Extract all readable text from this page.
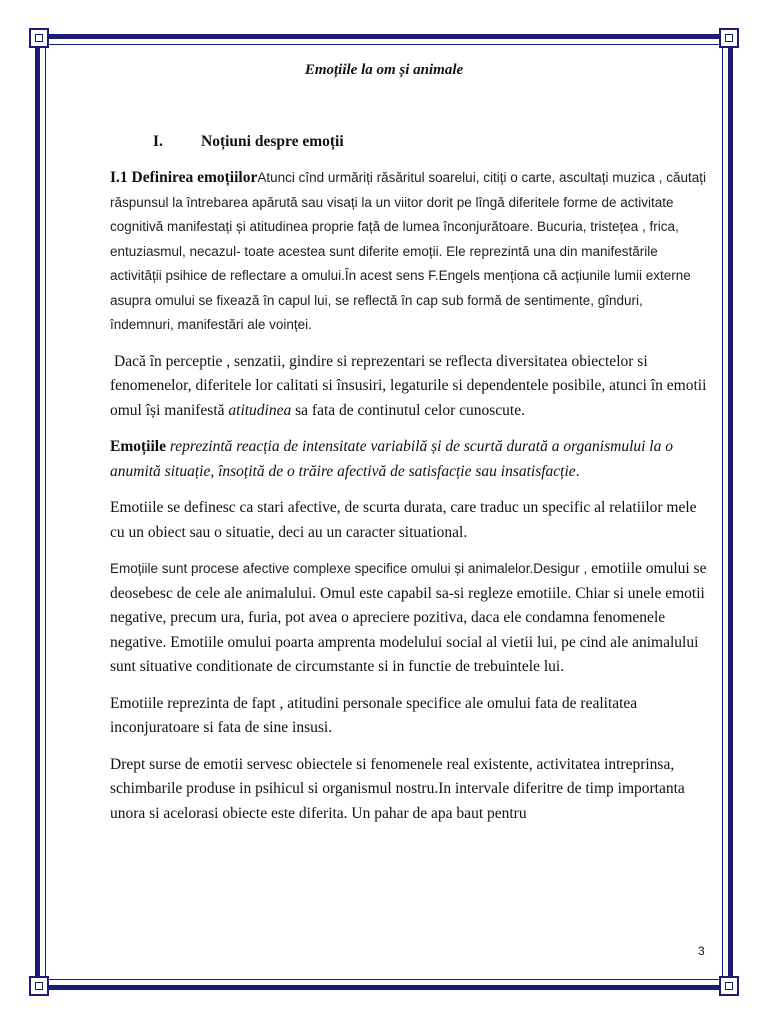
Emoțiile la om și animale
I. Noțiuni despre emoții

I.1 Definirea emoțiilorAtunci cînd urmăriți răsăritul soarelui, citiți o carte, ascultați muzica , căutați răspunsul la întrebarea apărută sau visați la un viitor dorit pe lîngă diferitele forme de activitate cognitivă manifestați și atitudinea proprie față de lumea înconjurătoare. Bucuria, tristețea , frica, entuziasmul, necazul- toate acestea sunt diferite emoții. Ele reprezintă una din manifestările activității psihice de reflectare a omului.În acest sens F.Engels menționa că acțiunile lumii externe asupra omului se fixează în capul lui, se reflectă în cap sub formă de sentimente, gînduri, îndemnuri, manifestări ale voinței.

Dacă în perceptie , senzatii, gindire si reprezentari se reflecta diversitatea obiectelor si fenomenelor, diferitele lor calitati si însusiri, legaturile si dependentele posibile, atunci în emotii omul își manifestă atitudinea sa fata de continutul celor cunoscute.

Emoțiile reprezintă reacția de intensitate variabilă și de scurtă durată a organismului la o anumită situație, însoțită de o trăire afectivă de satisfacție sau insatisfacție.

Emotiile se definesc ca stari afective, de scurta durata, care traduc un specific al relatiilor mele cu un obiect sau o situatie, deci au un caracter situational.

Emoțiile sunt procese afective complexe specifice omului și animalelor.Desigur , emotiile omului se deosebesc de cele ale animalului. Omul este capabil sa-si regleze emotiile. Chiar si unele emotii negative, precum ura, furia, pot avea o apreciere pozitiva, daca ele condamna fenomenele negative. Emotiile omului poarta amprenta modelului social al vietii lui, pe cind ale animalului sunt situative conditionate de circumstante si in functie de trebuintele lui.

Emotiile reprezinta de fapt , atitudini personale specifice ale omului fata de realitatea inconjuratoare si fata de sine insusi.

Drept surse de emotii servesc obiectele si fenomenele real existente, activitatea intreprinsa, schimbarile produse in psihicul si organismul nostru.In intervale diferitre de timp importanta unora si acelorasi obiecte este diferita. Un pahar de apa baut pentru

3
